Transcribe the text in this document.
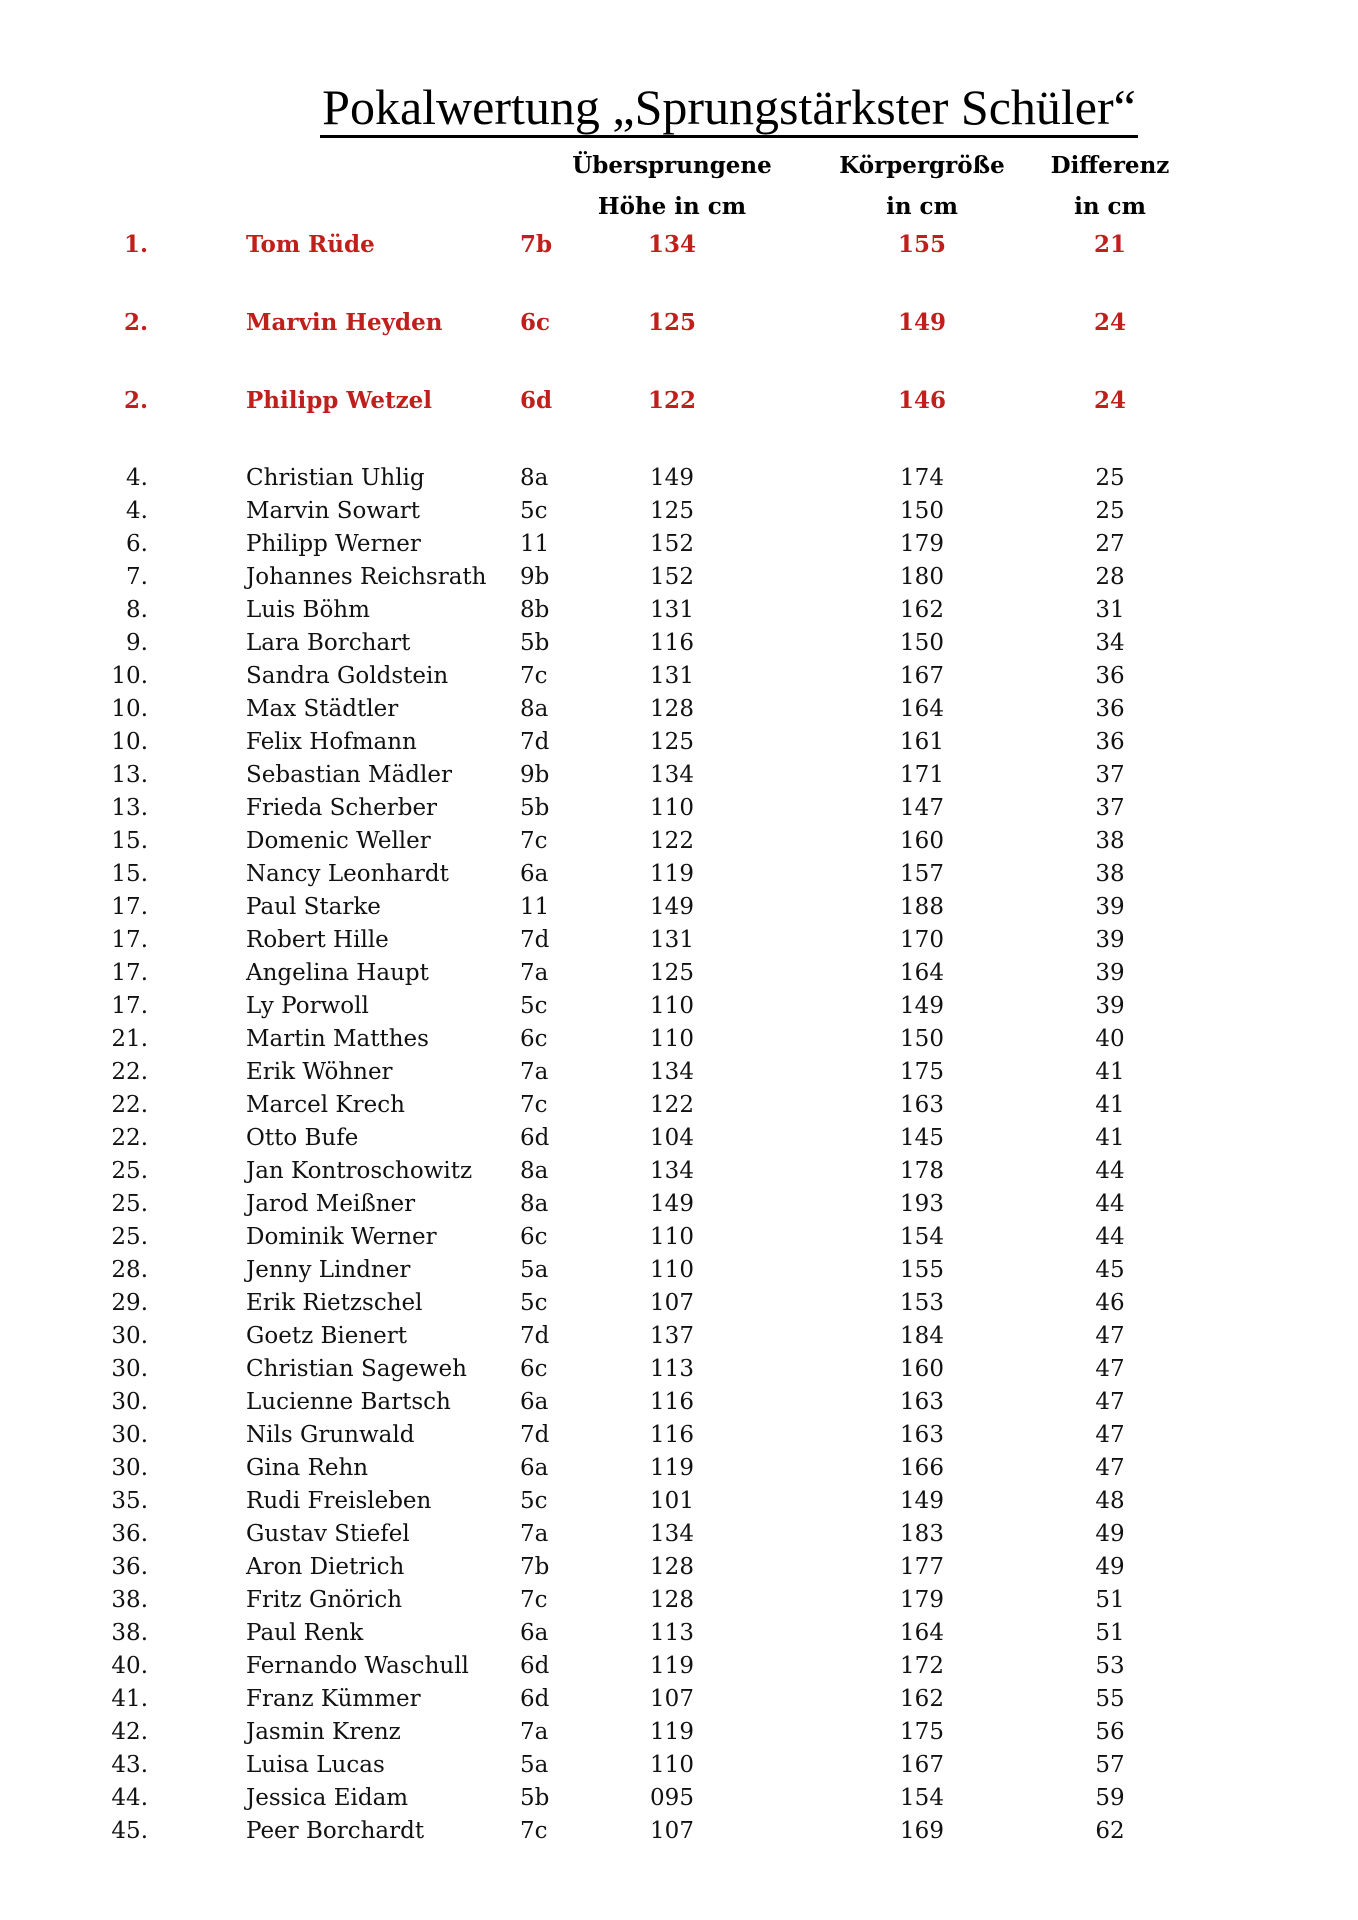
Pokalwertung „Sprungstärkster Schüler“
Übersprungene
Höhe in cm
Körpergröße
in cm
Differenz
in cm
1.	Tom Rüde	7b	134	155	21
2.	Marvin Heyden	6c	125	149	24
2.	Philipp Wetzel	6d	122	146	24
4.	Christian Uhlig	8a	149	174	25
4.	Marvin Sowart	5c	125	150	25
6.	Philipp Werner	11	152	179	27
7.	Johannes Reichsrath	9b	152	180	28
8.	Luis Böhm	8b	131	162	31
9.	Lara Borchart	5b	116	150	34
10.	Sandra Goldstein	7c	131	167	36
10.	Max Städtler	8a	128	164	36
10.	Felix Hofmann	7d	125	161	36
13.	Sebastian Mädler	9b	134	171	37
13.	Frieda Scherber	5b	110	147	37
15.	Domenic Weller	7c	122	160	38
15.	Nancy Leonhardt	6a	119	157	38
17.	Paul Starke	11	149	188	39
17.	Robert Hille	7d	131	170	39
17.	Angelina Haupt	7a	125	164	39
17.	Ly Porwoll	5c	110	149	39
21.	Martin Matthes	6c	110	150	40
22.	Erik Wöhner	7a	134	175	41
22.	Marcel Krech	7c	122	163	41
22.	Otto Bufe	6d	104	145	41
25.	Jan Kontroschowitz	8a	134	178	44
25.	Jarod Meißner	8a	149	193	44
25.	Dominik Werner	6c	110	154	44
28.	Jenny Lindner	5a	110	155	45
29.	Erik Rietzschel	5c	107	153	46
30.	Goetz Bienert	7d	137	184	47
30.	Christian Sageweh	6c	113	160	47
30.	Lucienne Bartsch	6a	116	163	47
30.	Nils Grunwald	7d	116	163	47
30.	Gina Rehn	6a	119	166	47
35.	Rudi Freisleben	5c	101	149	48
36.	Gustav Stiefel	7a	134	183	49
36.	Aron Dietrich	7b	128	177	49
38.	Fritz Gnörich	7c	128	179	51
38.	Paul Renk	6a	113	164	51
40.	Fernando Waschull	6d	119	172	53
41.	Franz Kümmer	6d	107	162	55
42.	Jasmin Krenz	7a	119	175	56
43.	Luisa Lucas	5a	110	167	57
44.	Jessica Eidam	5b	095	154	59
45.	Peer Borchardt	7c	107	169	62
